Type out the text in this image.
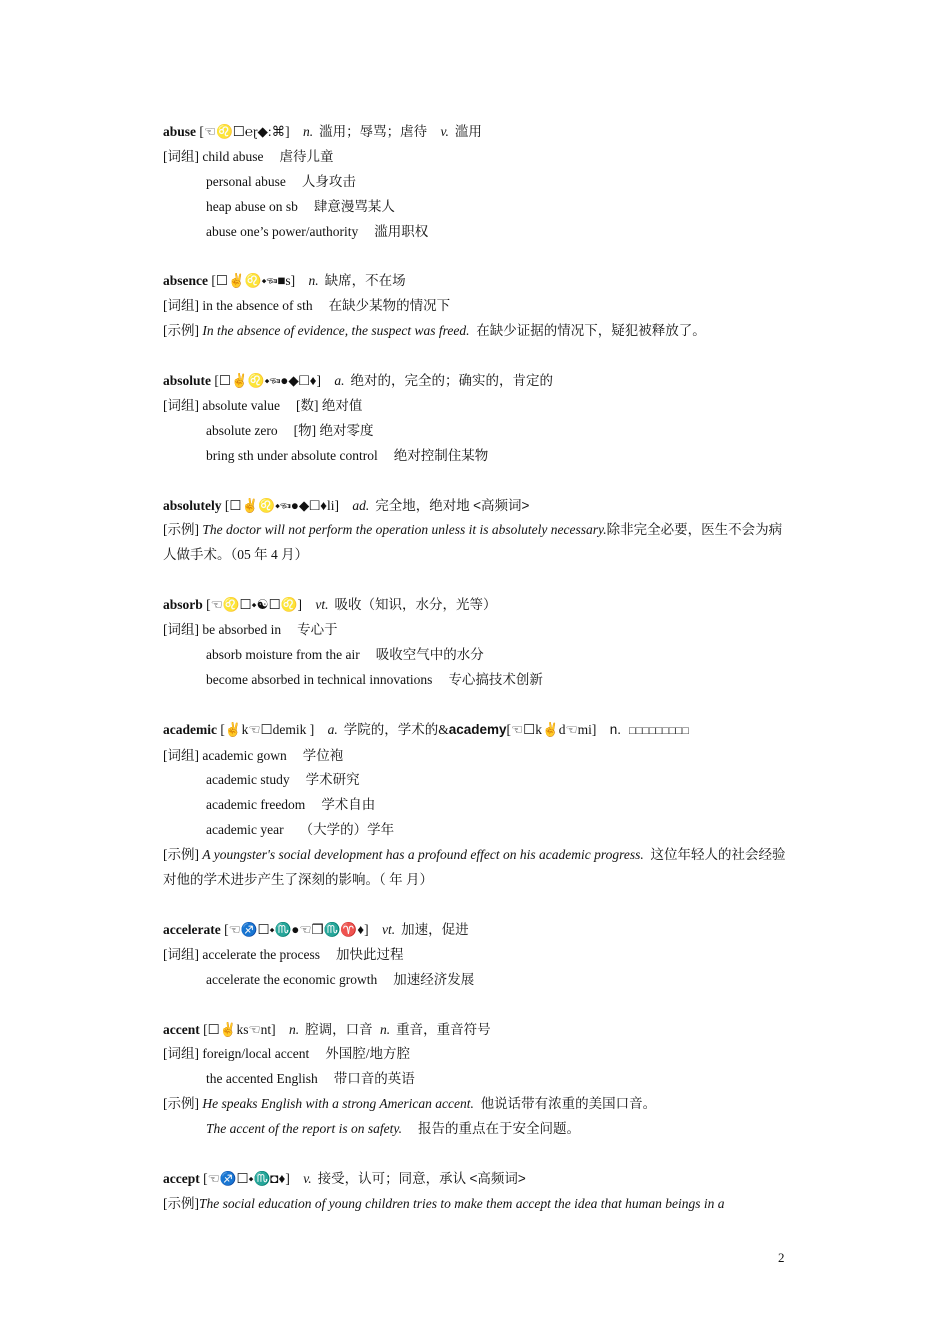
abuse [☜♌☐℮ɽ◆:⌘] n. 滥用；辱骂；虐待 v. 滥用
[词组] child abuse 虐待儿童
personal abuse 人身攻击
heap abuse on sb 肆意漫骂某人
abuse one’s power/authority 滥用职权
absence [☐✌♌⬩☜■s] n. 缺席，不在场
[词组] in the absence of sth 在缺少某物的情况下
[示例] In the absence of evidence, the suspect was freed. 在缺少证据的情况下，疑犯被释放了。
absolute [☐✌♌⬩☜●◆☐♦] a. 绝对的，完全的；确实的，肯定的
[词组] absolute value [数] 绝对值
absolute zero [物] 绝对零度
bring sth under absolute control 绝对控制住某物
absolutely [☐✌♌⬩☜●◆☐♦li] ad. 完全地，绝对地 <高频词>
[示例] The doctor will not perform the operation unless it is absolutely necessary.除非完全必要，医生不会为病人做手术。（05 年 4 月）
absorb [☜♌☐⬩☯☐♌] vt. 吸收（知识，水分，光等）
[词组] be absorbed in 专心于
absorb moisture from the air 吸收空气中的水分
become absorbed in technical innovations 专心搞技术创新
academic [✌k☜☐demik ] a. 学院的，学术的&academy[☜☐k✌d☜mi] n. □□□□□□□□□
[词组] academic gown 学位袍
academic study 学术研究
academic freedom 学术自由
academic year （大学的）学年
[示例] A youngster's social development has a profound effect on his academic progress. 这位年轻人的社会经验对他的学术进步产生了深刻的影响。（ 年 月）
accelerate [☜♐☐⬩♏●☜❒♏♈♦] vt. 加速，促进
[词组] accelerate the process 加快此过程
accelerate the economic growth 加速经济发展
accent [☐✌ks☜nt] n. 腔调，口音 n. 重音，重音符号
[词组] foreign/local accent 外国腔/地方腔
the accented English 带口音的英语
[示例] He speaks English with a strong American accent. 他说话带有浓重的美国口音。
The accent of the report is on safety. 报告的重点在于安全问题。
accept [☜♐☐⬩♏◘♦] v. 接受，认可；同意，承认 <高频词>
[示例]The social education of young children tries to make them accept the idea that human beings in a
2
